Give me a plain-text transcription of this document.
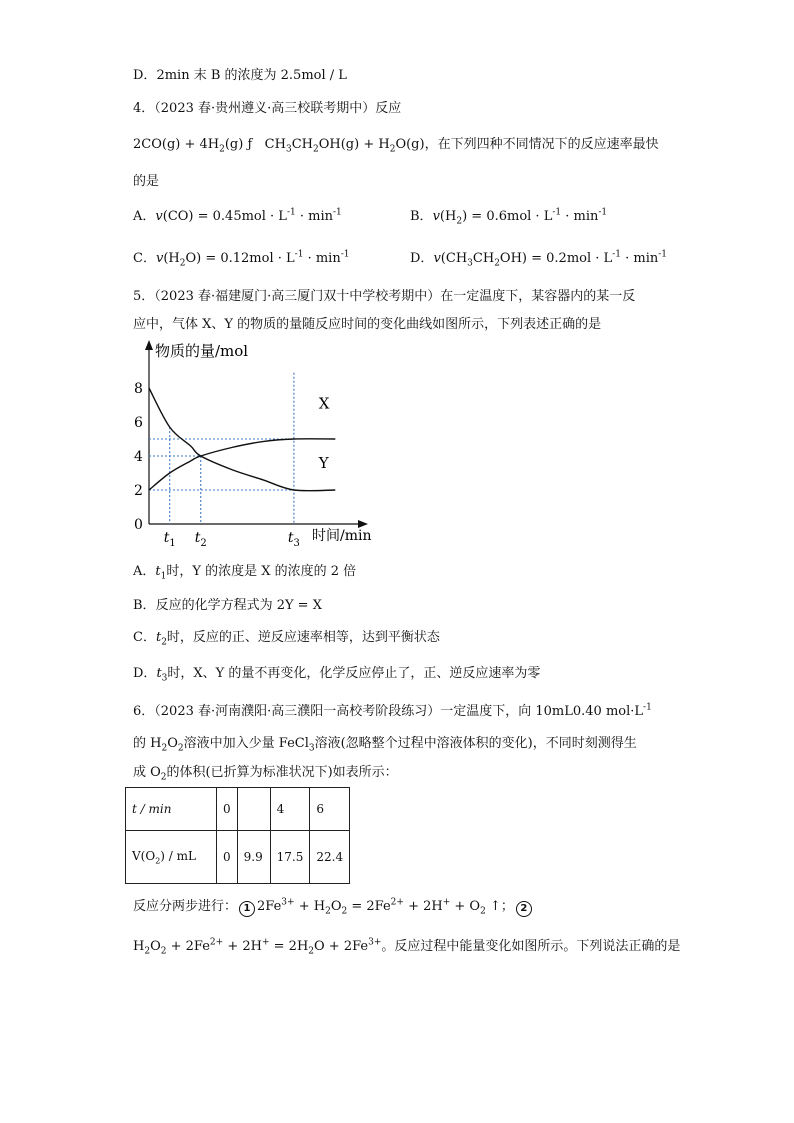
D．2min 末 B 的浓度为 2.5mol / L
4．（2023 春·贵州遵义·高三校联考期中）反应
$2CO(g) + 4H_2(g)$ ƒ $CH_3CH_2OH(g) + H_2O(g)$，在下列四种不同情况下的反应速率最快
的是
A．$v(CO) = 0.45mol \cdot L^{-1} \cdot \min^{-1}$	B．$v(H_2) = 0.6mol \cdot L^{-1} \cdot \min^{-1}$
C．$v(H_2O) = 0.12mol \cdot L^{-1} \cdot \min^{-1}$	D．$v(CH_3CH_2OH) = 0.2mol \cdot L^{-1} \cdot \min^{-1}$
5．（2023 春·福建厦门·高三厦门双十中学校考期中）在一定温度下，某容器内的某一反
应中，气体 X、Y 的物质的量随反应时间的变化曲线如图所示，下列表述正确的是
物质的量/mol
时间/min
0
2
4
6
8
$t_1$ $t_2$	$t_3$
X
Y
A．$t_1$时，Y 的浓度是 X 的浓度的 2 倍
B．反应的化学方程式为 2Y = X
C．$t_2$时，反应的正、逆反应速率相等，达到平衡状态
D．$t_3$时，X、Y 的量不再变化，化学反应停止了，正、逆反应速率为零
6．（2023 春·河南濮阳·高三濮阳一高校考阶段练习）一定温度下，向 10mL0.40 $mol\cdot L^{-1}$
的 $H_2O_2$溶液中加入少量 FeCl$_3$溶液(忽略整个过程中溶液体积的变化)，不同时刻测得生
成 $O_2$的体积(已折算为标准状况下)如表所示：
t / min	0		4	6
$V(O_2)$ / mL	0	9.9	17.5	22.4
反应分两步进行： 1 $2Fe^{3+} + H_2O_2 = 2Fe^{2+} + 2H^+ + O_2$ ↑； 2
$H_2O_2 + 2Fe^{2+} + 2H^+ = 2H_2O + 2Fe^{3+}$。反应过程中能量变化如图所示。下列说法正确的是
